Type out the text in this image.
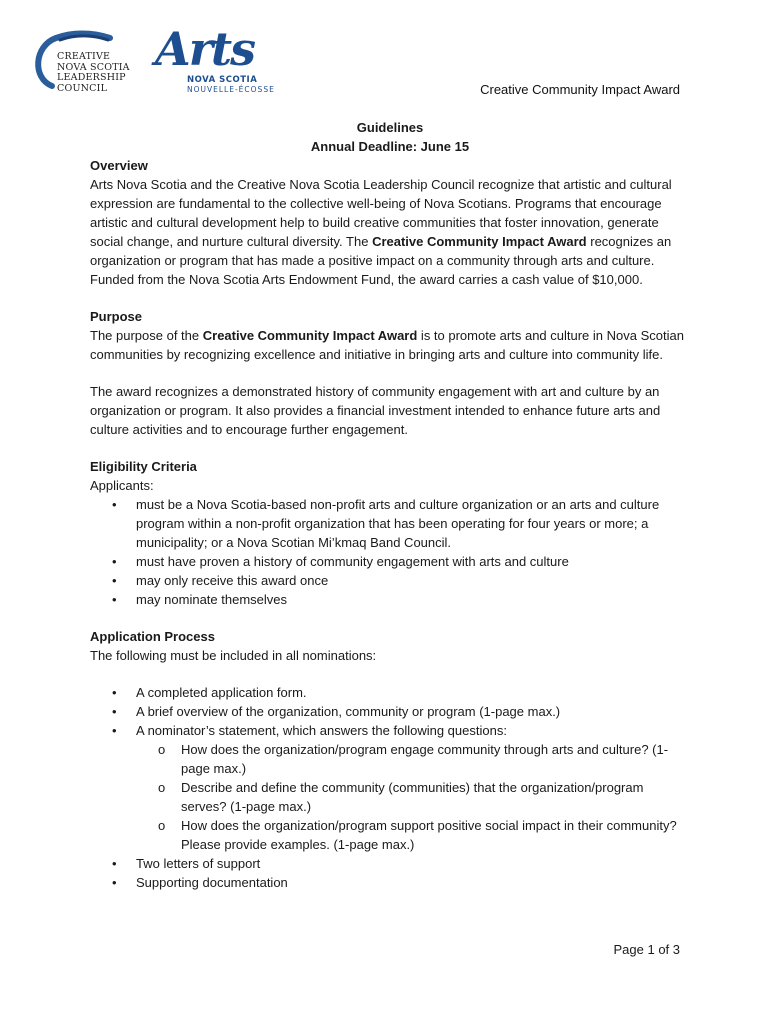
CREATIVE
NOVA SCOTIA
LEADERSHIP
COUNCIL
Arts
NOVA SCOTIA
NOUVELLE-ÉCOSSE	Creative Community Impact Award

Guidelines

Annual Deadline: June 15

Overview

Arts Nova Scotia and the Creative Nova Scotia Leadership Council recognize that artistic and cultural expression are fundamental to the collective well-being of Nova Scotians. Programs that encourage artistic and cultural development help to build creative communities that foster innovation, generate social change, and nurture cultural diversity. The Creative Community Impact Award recognizes an organization or program that has made a positive impact on a community through arts and culture. Funded from the Nova Scotia Arts Endowment Fund, the award carries a cash value of $10,000.

Purpose

The purpose of the Creative Community Impact Award is to promote arts and culture in Nova Scotian communities by recognizing excellence and initiative in bringing arts and culture into community life.

The award recognizes a demonstrated history of community engagement with art and culture by an organization or program. It also provides a financial investment intended to enhance future arts and culture activities and to encourage further engagement.

Eligibility Criteria

Applicants:

• must be a Nova Scotia-based non-profit arts and culture organization or an arts and culture program within a non-profit organization that has been operating for four years or more; a municipality; or a Nova Scotian Mi’kmaq Band Council.
• must have proven a history of community engagement with arts and culture
• may only receive this award once
• may nominate themselves

Application Process

The following must be included in all nominations:

• A completed application form.
• A brief overview of the organization, community or program (1-page max.)
• A nominator’s statement, which answers the following questions:
o How does the organization/program engage community through arts and culture? (1-page max.)
o Describe and define the community (communities) that the organization/program serves? (1-page max.)
o How does the organization/program support positive social impact in their community? Please provide examples. (1-page max.)
• Two letters of support
• Supporting documentation
Page 1 of 3
